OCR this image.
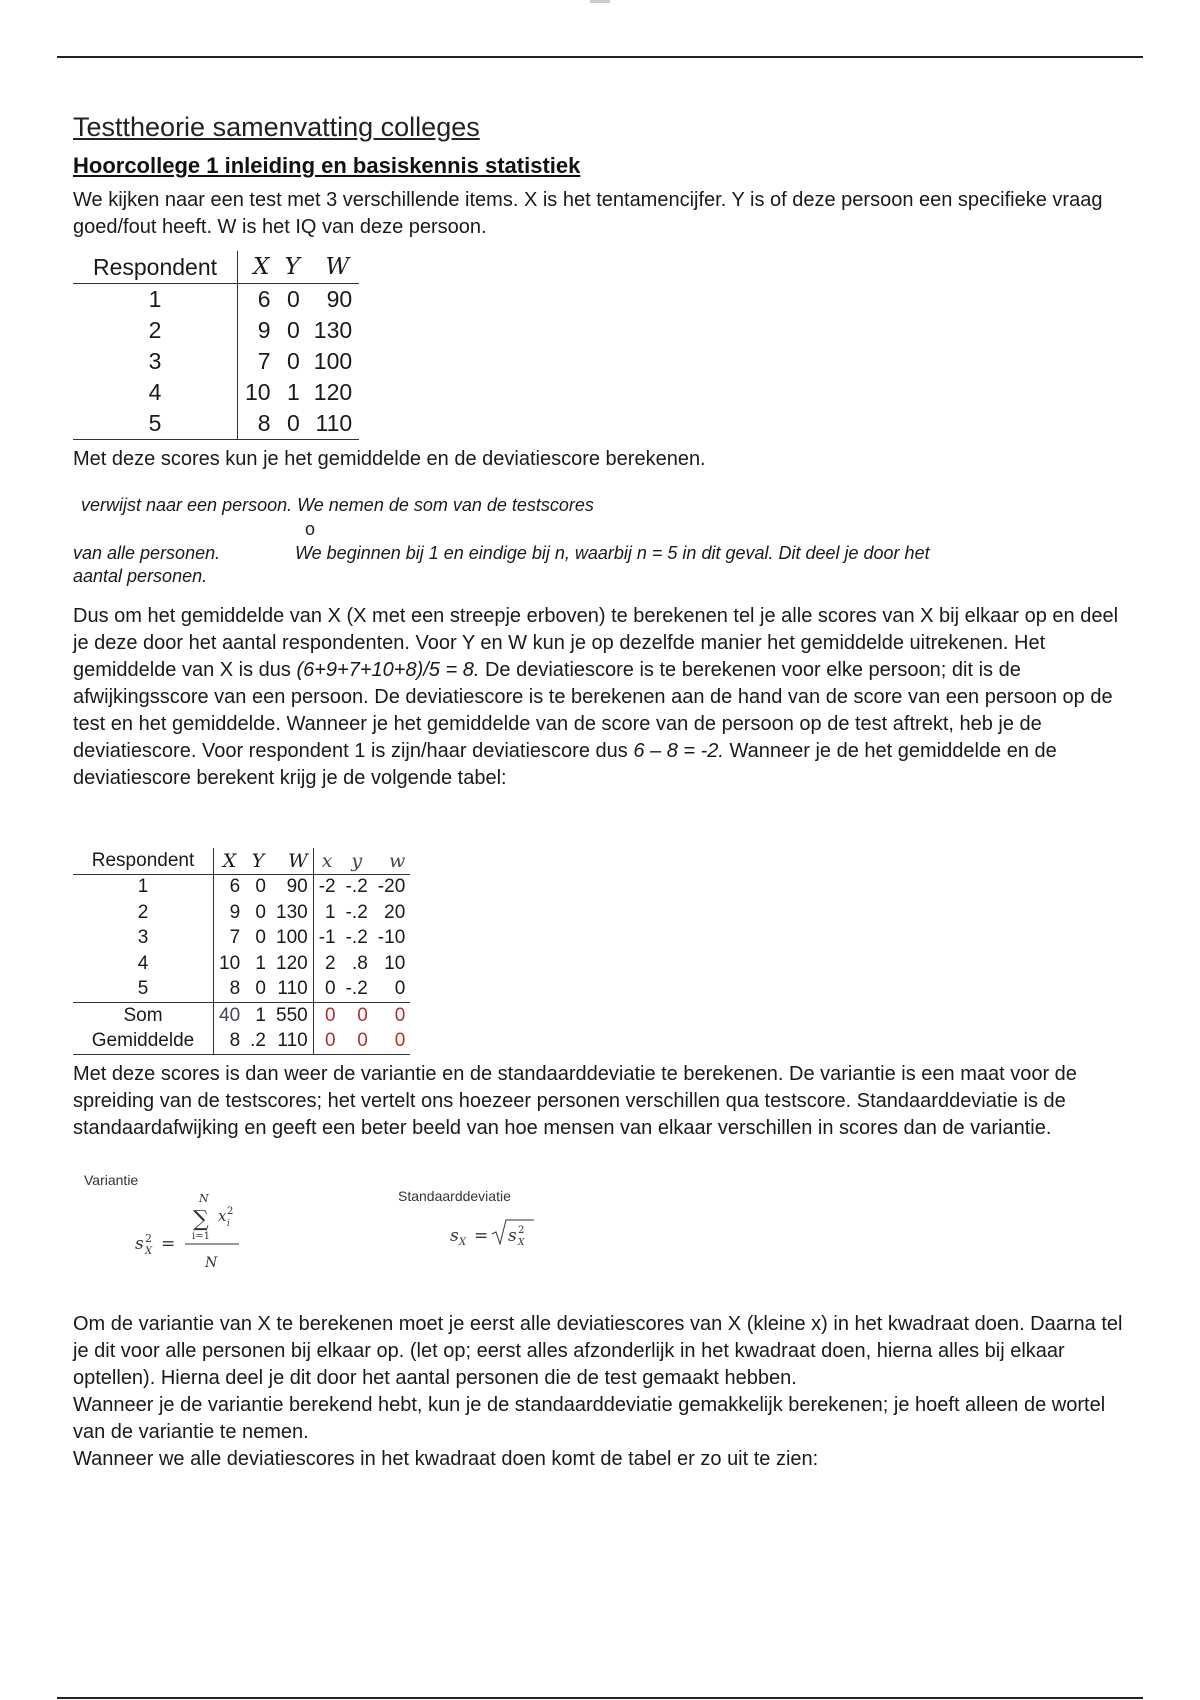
Testtheorie samenvatting colleges
Hoorcollege 1 inleiding en basiskennis statistiek

We kijken naar een test met 3 verschillende items. X is het tentamencijfer. Y is of deze persoon een specifieke vraag goed/fout heeft. W is het IQ van deze persoon.

Respondent	X	Y	W
1	6	0	90
2	9	0	130
3	7	0	100
4	10	1	120
5	8	0	110

Met deze scores kun je het gemiddelde en de deviatiescore berekenen.

verwijst naar een persoon. We nemen de som van de testscores
o
van alle personen.	We beginnen bij 1 en eindige bij n, waarbij n = 5 in dit geval. Dit deel je door het
aantal personen.

Dus om het gemiddelde van X (X met een streepje erboven) te berekenen tel je alle scores van X bij elkaar op en deel je deze door het aantal respondenten. Voor Y en W kun je op dezelfde manier het gemiddelde uitrekenen. Het gemiddelde van X is dus (6+9+7+10+8)/5 = 8. De deviatiescore is te berekenen voor elke persoon; dit is de afwijkingsscore van een persoon. De deviatiescore is te berekenen aan de hand van de score van een persoon op de test en het gemiddelde. Wanneer je het gemiddelde van de score van de persoon op de test aftrekt, heb je de deviatiescore. Voor respondent 1 is zijn/haar deviatiescore dus 6 – 8 = -2. Wanneer je de het gemiddelde en de deviatiescore berekent krijg je de volgende tabel:

Respondent	X	Y	W	x	y	w
1	6	0	90	-2	-.2	-20
2	9	0	130	1	-.2	20
3	7	0	100	-1	-.2	-10
4	10	1	120	2	.8	10
5	8	0	110	0	-.2	0
Som	40	1	550	0	0	0
Gemiddelde	8	.2	110	0	0	0

Met deze scores is dan weer de variantie en de standaarddeviatie te berekenen. De variantie is een maat voor de spreiding van de testscores; het vertelt ons hoezeer personen verschillen qua testscore. Standaarddeviatie is de standaardafwijking en geeft een beter beeld van hoe mensen van elkaar verschillen in scores dan de variantie.

Variantie
N
∑ x 2
i
i=1
s 2
X =
N
Standaarddeviatie
s X = s 2
X

Om de variantie van X te berekenen moet je eerst alle deviatiescores van X (kleine x) in het kwadraat doen. Daarna tel je dit voor alle personen bij elkaar op. (let op; eerst alles afzonderlijk in het kwadraat doen, hierna alles bij elkaar optellen). Hierna deel je dit door het aantal personen die de test gemaakt hebben.

Wanneer je de variantie berekend hebt, kun je de standaarddeviatie gemakkelijk berekenen; je hoeft alleen de wortel van de variantie te nemen.

Wanneer we alle deviatiescores in het kwadraat doen komt de tabel er zo uit te zien:
